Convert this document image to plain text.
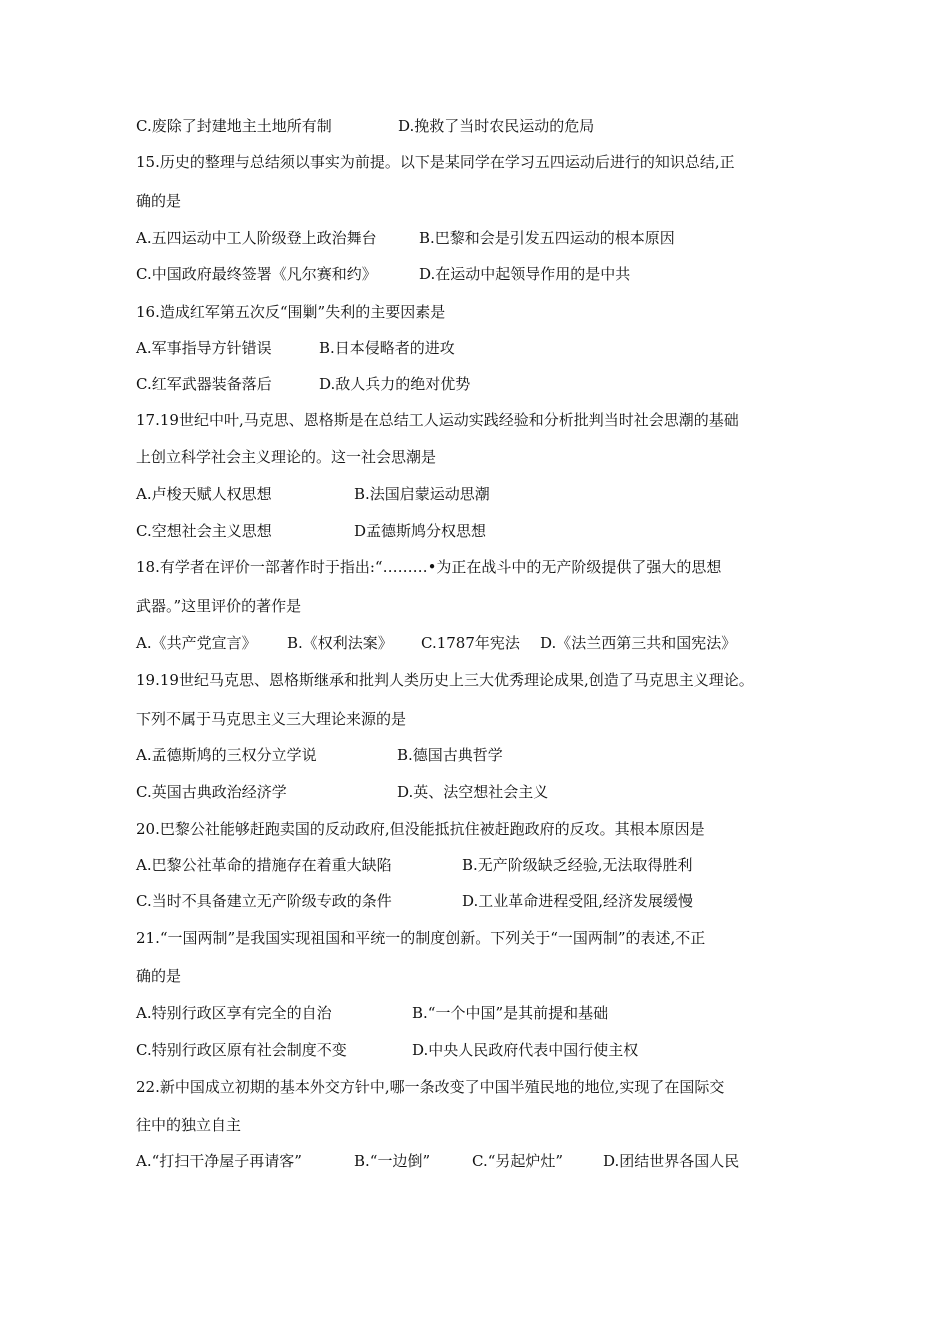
C.废除了封建地主土地所有制	D.挽救了当时农民运动的危局
15.历史的整理与总结须以事实为前提。以下是某同学在学习五四运动后进行的知识总结,正
确的是
A.五四运动中工人阶级登上政治舞台	B.巴黎和会是引发五四运动的根本原因
C.中国政府最终签署《凡尔赛和约》	D.在运动中起领导作用的是中共
16.造成红军第五次反“围剿”失利的主要因素是
A.军事指导方针错误	B.日本侵略者的进攻
C.红军武器装备落后	D.敌人兵力的绝对优势
17.19世纪中叶,马克思、恩格斯是在总结工人运动实践经验和分析批判当时社会思潮的基础
上创立科学社会主义理论的。这一社会思潮是
A.卢梭天赋人权思想	B.法国启蒙运动思潮
C.空想社会主义思想	D孟德斯鸠分权思想
18.有学者在评价一部著作时于指出:“………•为正在战斗中的无产阶级提供了强大的思想
武器。”这里评价的著作是
A.《共产党宣言》 B.《权利法案》 C.1787年宪法 D.《法兰西第三共和国宪法》
19.19世纪马克思、恩格斯继承和批判人类历史上三大优秀理论成果,创造了马克思主义理论。
下列不属于马克思主义三大理论来源的是
A.孟德斯鸠的三权分立学说	B.德国古典哲学
C.英国古典政治经济学	D.英、法空想社会主义
20.巴黎公社能够赶跑卖国的反动政府,但没能抵抗住被赶跑政府的反攻。其根本原因是
A.巴黎公社革命的措施存在着重大缺陷	B.无产阶级缺乏经验,无法取得胜利
C.当时不具备建立无产阶级专政的条件	D.工业革命进程受阻,经济发展缓慢
21.“一国两制”是我国实现祖国和平统一的制度创新。下列关于“一国两制”的表述,不正
确的是
A.特别行政区享有完全的自治	B.“一个中国”是其前提和基础
C.特别行政区原有社会制度不变	D.中央人民政府代表中国行使主权
22.新中国成立初期的基本外交方针中,哪一条改变了中国半殖民地的地位,实现了在国际交
往中的独立自主
A.“打扫干净屋子再请客”	B.“一边倒”	C.“另起炉灶”	D.团结世界各国人民
